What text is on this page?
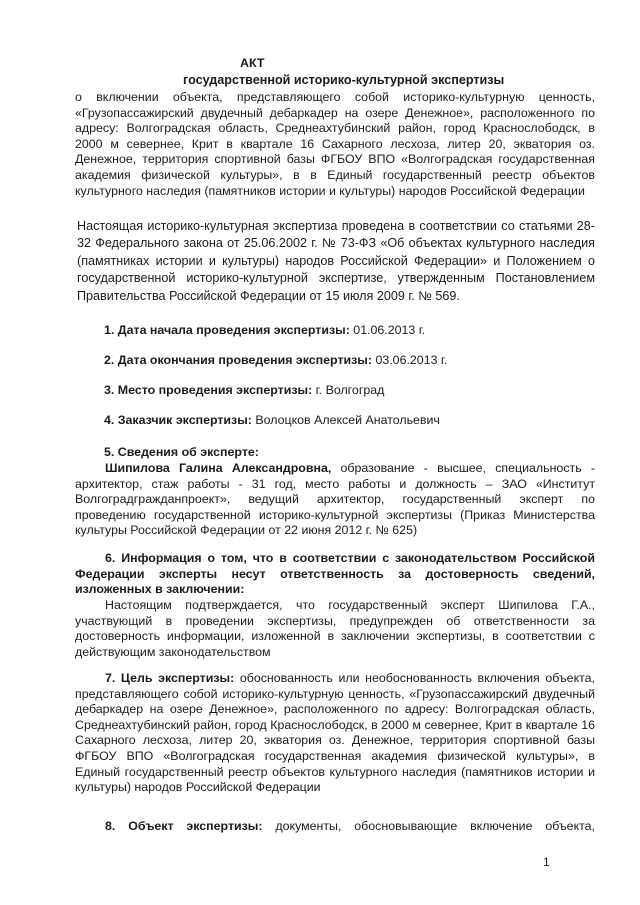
АКТ
государственной историко-культурной экспертизы
о включении объекта, представляющего собой историко-культурную ценность, «Грузопассажирский двудечный дебаркадер на озере Денежное», расположенного по адресу: Волгоградская область, Среднеахтубинский район, город Краснослободск, в 2000 м севернее, Крит в квартале 16 Сахарного лесхоза, литер 20, экватория оз. Денежное, территория спортивной базы ФГБОУ ВПО «Волгоградская государственная академия физической культуры», в в Единый государственный реестр объектов культурного наследия (памятников истории и культуры) народов Российской Федерации
Настоящая историко-культурная экспертиза проведена в соответствии со статьями 28-32 Федерального закона от 25.06.2002 г. № 73-ФЗ «Об объектах культурного наследия (памятниках истории и культуры) народов Российской Федерации» и Положением о государственной историко-культурной экспертизе, утвержденным Постановлением Правительства Российской Федерации от 15 июля 2009 г. № 569.
1. Дата начала проведения экспертизы: 01.06.2013 г.
2. Дата окончания проведения экспертизы: 03.06.2013 г.
3. Место проведения экспертизы: г. Волгоград
4. Заказчик экспертизы: Волоцков Алексей Анатольевич
5. Сведения об эксперте:
Шипилова Галина Александровна, образование - высшее, специальность - архитектор, стаж работы - 31 год, место работы и должность – ЗАО «Институт Волгоградгражданпроект», ведущий архитектор, государственный эксперт по проведению государственной историко-культурной экспертизы (Приказ Министерства культуры Российской Федерации от 22 июня 2012 г. № 625)
6. Информация о том, что в соответствии с законодательством Российской Федерации эксперты несут ответственность за достоверность сведений, изложенных в заключении:
Настоящим подтверждается, что государственный эксперт Шипилова Г.А., участвующий в проведении экспертизы, предупрежден об ответственности за достоверность информации, изложенной в заключении экспертизы, в соответствии с действующим законодательством
7. Цель экспертизы: обоснованность или необоснованность включения объекта, представляющего собой историко-культурную ценность, «Грузопассажирский двудечный дебаркадер на озере Денежное», расположенного по адресу: Волгоградская область, Среднеахтубинский район, город Краснослободск, в 2000 м севернее, Крит в квартале 16 Сахарного лесхоза, литер 20, экватория оз. Денежное, территория спортивной базы ФГБОУ ВПО «Волгоградская государственная академия физической культуры», в Единый государственный реестр объектов культурного наследия (памятников истории и культуры) народов Российской Федерации
8. Объект экспертизы: документы, обосновывающие включение объекта,
1
